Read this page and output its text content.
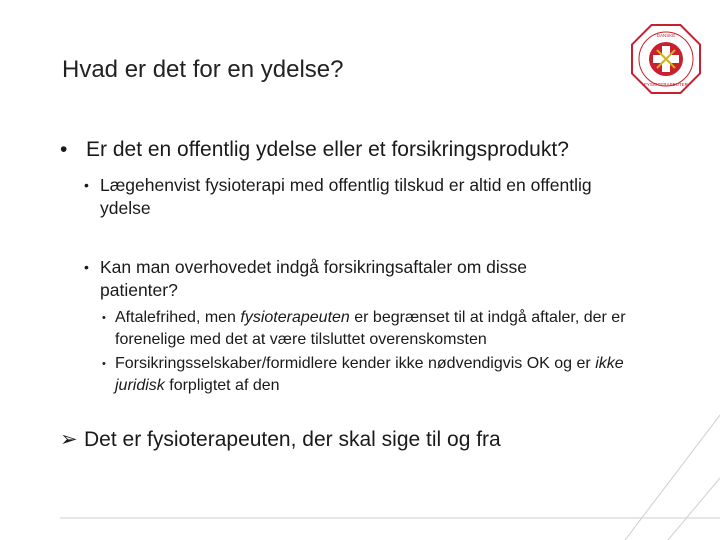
Hvad er det for en ydelse?
DANSKE
FYSIOTERAPEUTER
• Er det en offentlig ydelse eller et forsikringsprodukt?
• Lægehenvist fysioterapi med offentlig tilskud er altid en offentlig ydelse
• Kan man overhovedet indgå forsikringsaftaler om disse patienter?
• Aftalefrihed, men fysioterapeuten er begrænset til at indgå aftaler, der er forenelige med det at være tilsluttet overenskomsten
• Forsikringsselskaber/formidlere kender ikke nødvendigvis OK og er ikke juridisk forpligtet af den
➢ Det er fysioterapeuten, der skal sige til og fra
